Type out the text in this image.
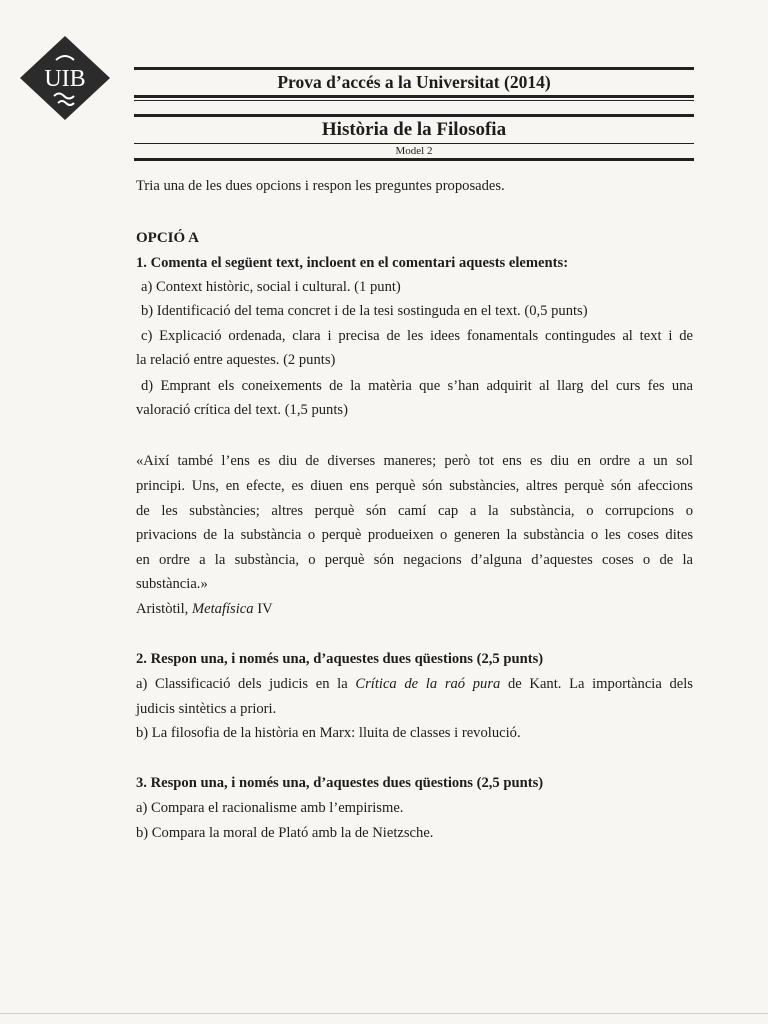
UIB	Prova d’accés a la Universitat (2014)
Història de la Filosofia
Model 2
Tria una de les dues opcions i respon les preguntes proposades.
OPCIÓ A
1. Comenta el següent text, incloent en el comentari aquests elements:
a) Context històric, social i cultural. (1 punt)
b) Identificació del tema concret i de la tesi sostinguda en el text. (0,5 punts)
c) Explicació ordenada, clara i precisa de les idees fonamentals contingudes al text i de
la relació entre aquestes. (2 punts)
d) Emprant els coneixements de la matèria que s’han adquirit al llarg del curs fes una
valoració crítica del text. (1,5 punts)
«Així també l’ens es diu de diverses maneres; però tot ens es diu en ordre a un sol
principi. Uns, en efecte, es diuen ens perquè són substàncies, altres perquè són afeccions
de les substàncies; altres perquè són camí cap a la substància, o corrupcions o
privacions de la substància o perquè produeixen o generen la substància o les coses dites
en ordre a la substància, o perquè són negacions d’alguna d’aquestes coses o de la
substància.»
Aristòtil, Metafísica IV
2. Respon una, i només una, d’aquestes dues qüestions (2,5 punts)
a) Classificació dels judicis en la Crítica de la raó pura de Kant. La importància dels
judicis sintètics a priori.
b) La filosofia de la història en Marx: lluita de classes i revolució.
3. Respon una, i només una, d’aquestes dues qüestions (2,5 punts)
a) Compara el racionalisme amb l’empirisme.
b) Compara la moral de Plató amb la de Nietzsche.
